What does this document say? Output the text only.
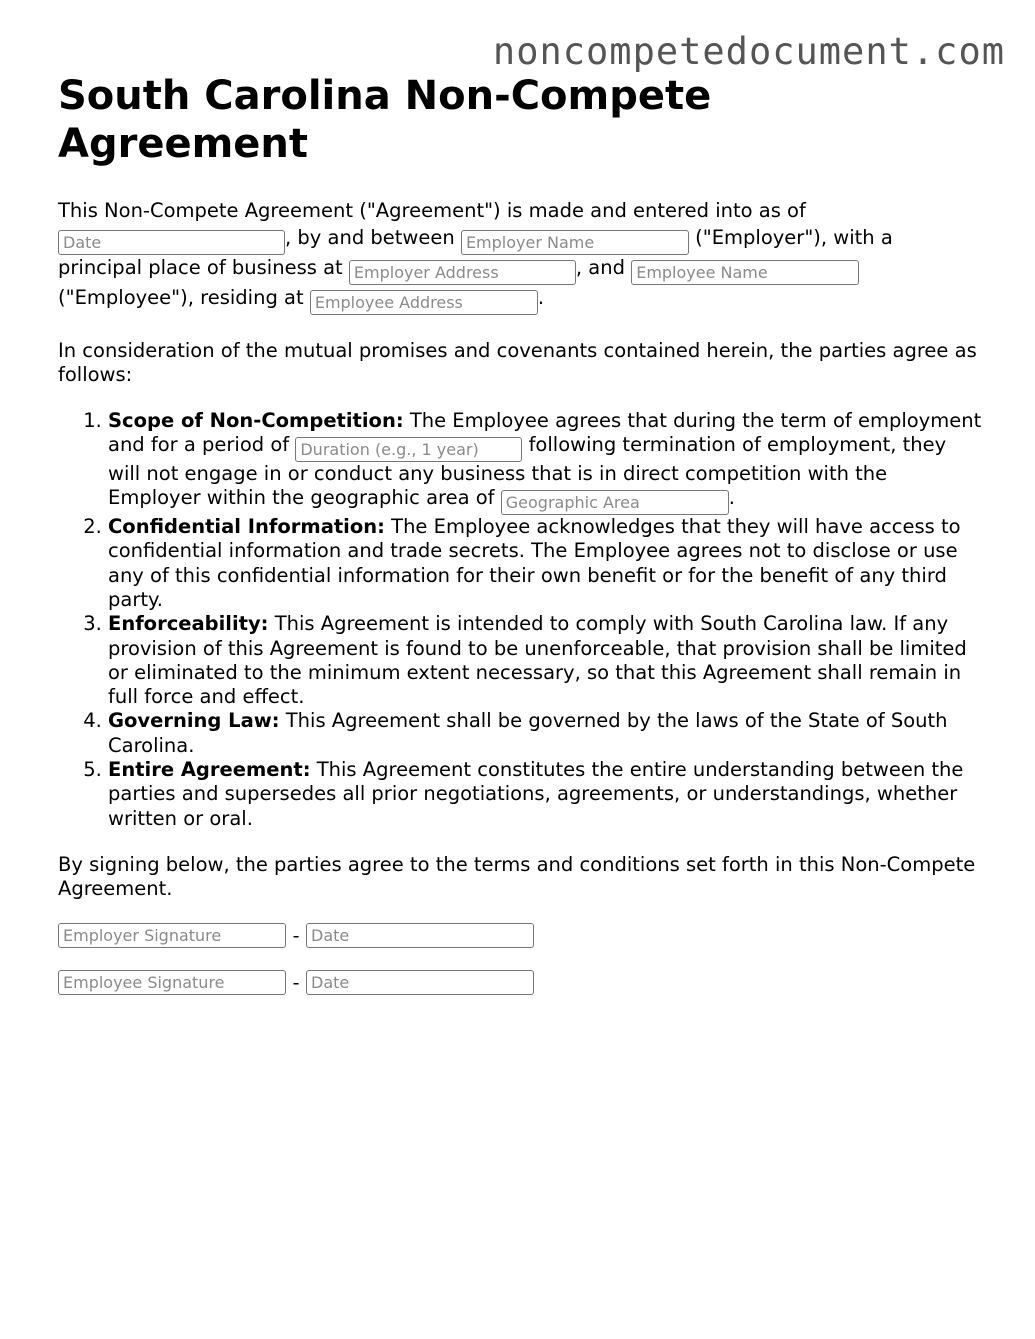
noncompetedocument.com
South Carolina Non-Compete Agreement

This Non-Compete Agreement ("Agreement") is made and entered into as of
Date, by and between Employer Name	("Employer"), with a principal place of business at Employer Address	, and Employee Name ("Employee"), residing at Employee Address	.

In consideration of the mutual promises and covenants contained herein, the parties agree as follows:

1. Scope of Non-Competition: The Employee agrees that during the term of employment and for a period of Duration (e.g., 1 year)	following termination of employment, they will not engage in or conduct any business that is in direct competition with the Employer within the geographic area of Geographic Area	.
2. Confidential Information: The Employee acknowledges that they will have access to confidential information and trade secrets. The Employee agrees not to disclose or use any of this confidential information for their own benefit or for the benefit of any third party.
3. Enforceability: This Agreement is intended to comply with South Carolina law. If any provision of this Agreement is found to be unenforceable, that provision shall be limited or eliminated to the minimum extent necessary, so that this Agreement shall remain in full force and effect.
4. Governing Law: This Agreement shall be governed by the laws of the State of South Carolina.
5. Entire Agreement: This Agreement constitutes the entire understanding between the parties and supersedes all prior negotiations, agreements, or understandings, whether written or oral.

By signing below, the parties agree to the terms and conditions set forth in this Non-Compete Agreement.

Employer Signature
-
Date
Employee Signature
-
Date
